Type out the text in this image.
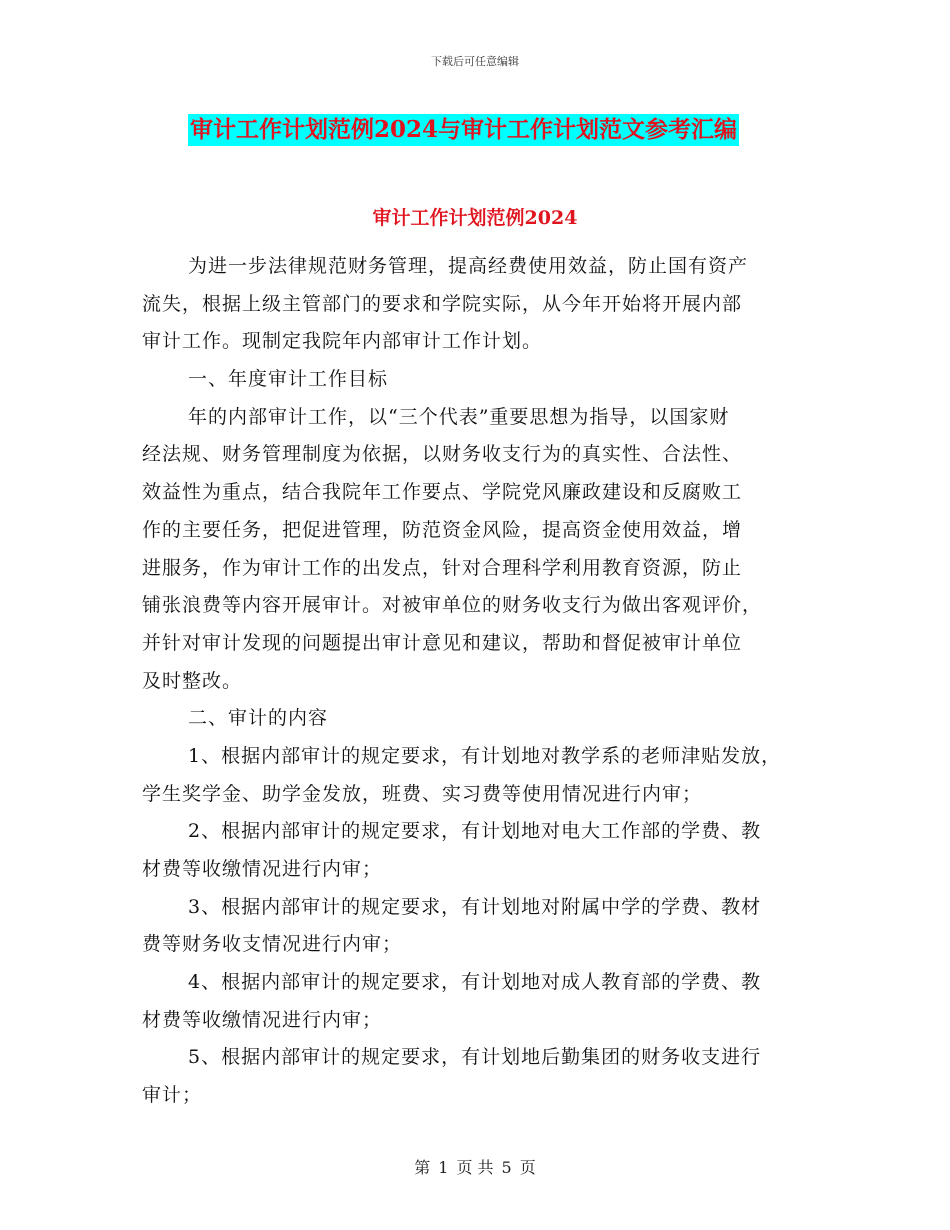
下载后可任意编辑
审计工作计划范例2024与审计工作计划范文参考汇编
审计工作计划范例2024
为进一步法律规范财务管理，提高经费使用效益，防止国有资产
流失，根据上级主管部门的要求和学院实际，从今年开始将开展内部
审计工作。现制定我院年内部审计工作计划。
一、年度审计工作目标
年的内部审计工作，以“三个代表”重要思想为指导，以国家财
经法规、财务管理制度为依据，以财务收支行为的真实性、合法性、
效益性为重点，结合我院年工作要点、学院党风廉政建设和反腐败工
作的主要任务，把促进管理，防范资金风险，提高资金使用效益，增
进服务，作为审计工作的出发点，针对合理科学利用教育资源，防止
铺张浪费等内容开展审计。对被审单位的财务收支行为做出客观评价，
并针对审计发现的问题提出审计意见和建议，帮助和督促被审计单位
及时整改。
二、审计的内容
1、根据内部审计的规定要求，有计划地对教学系的老师津贴发放，
学生奖学金、助学金发放，班费、实习费等使用情况进行内审；
2、根据内部审计的规定要求，有计划地对电大工作部的学费、教
材费等收缴情况进行内审；
3、根据内部审计的规定要求，有计划地对附属中学的学费、教材
费等财务收支情况进行内审；
4、根据内部审计的规定要求，有计划地对成人教育部的学费、教
材费等收缴情况进行内审；
5、根据内部审计的规定要求，有计划地后勤集团的财务收支进行
审计；
第 1 页 共 5 页
